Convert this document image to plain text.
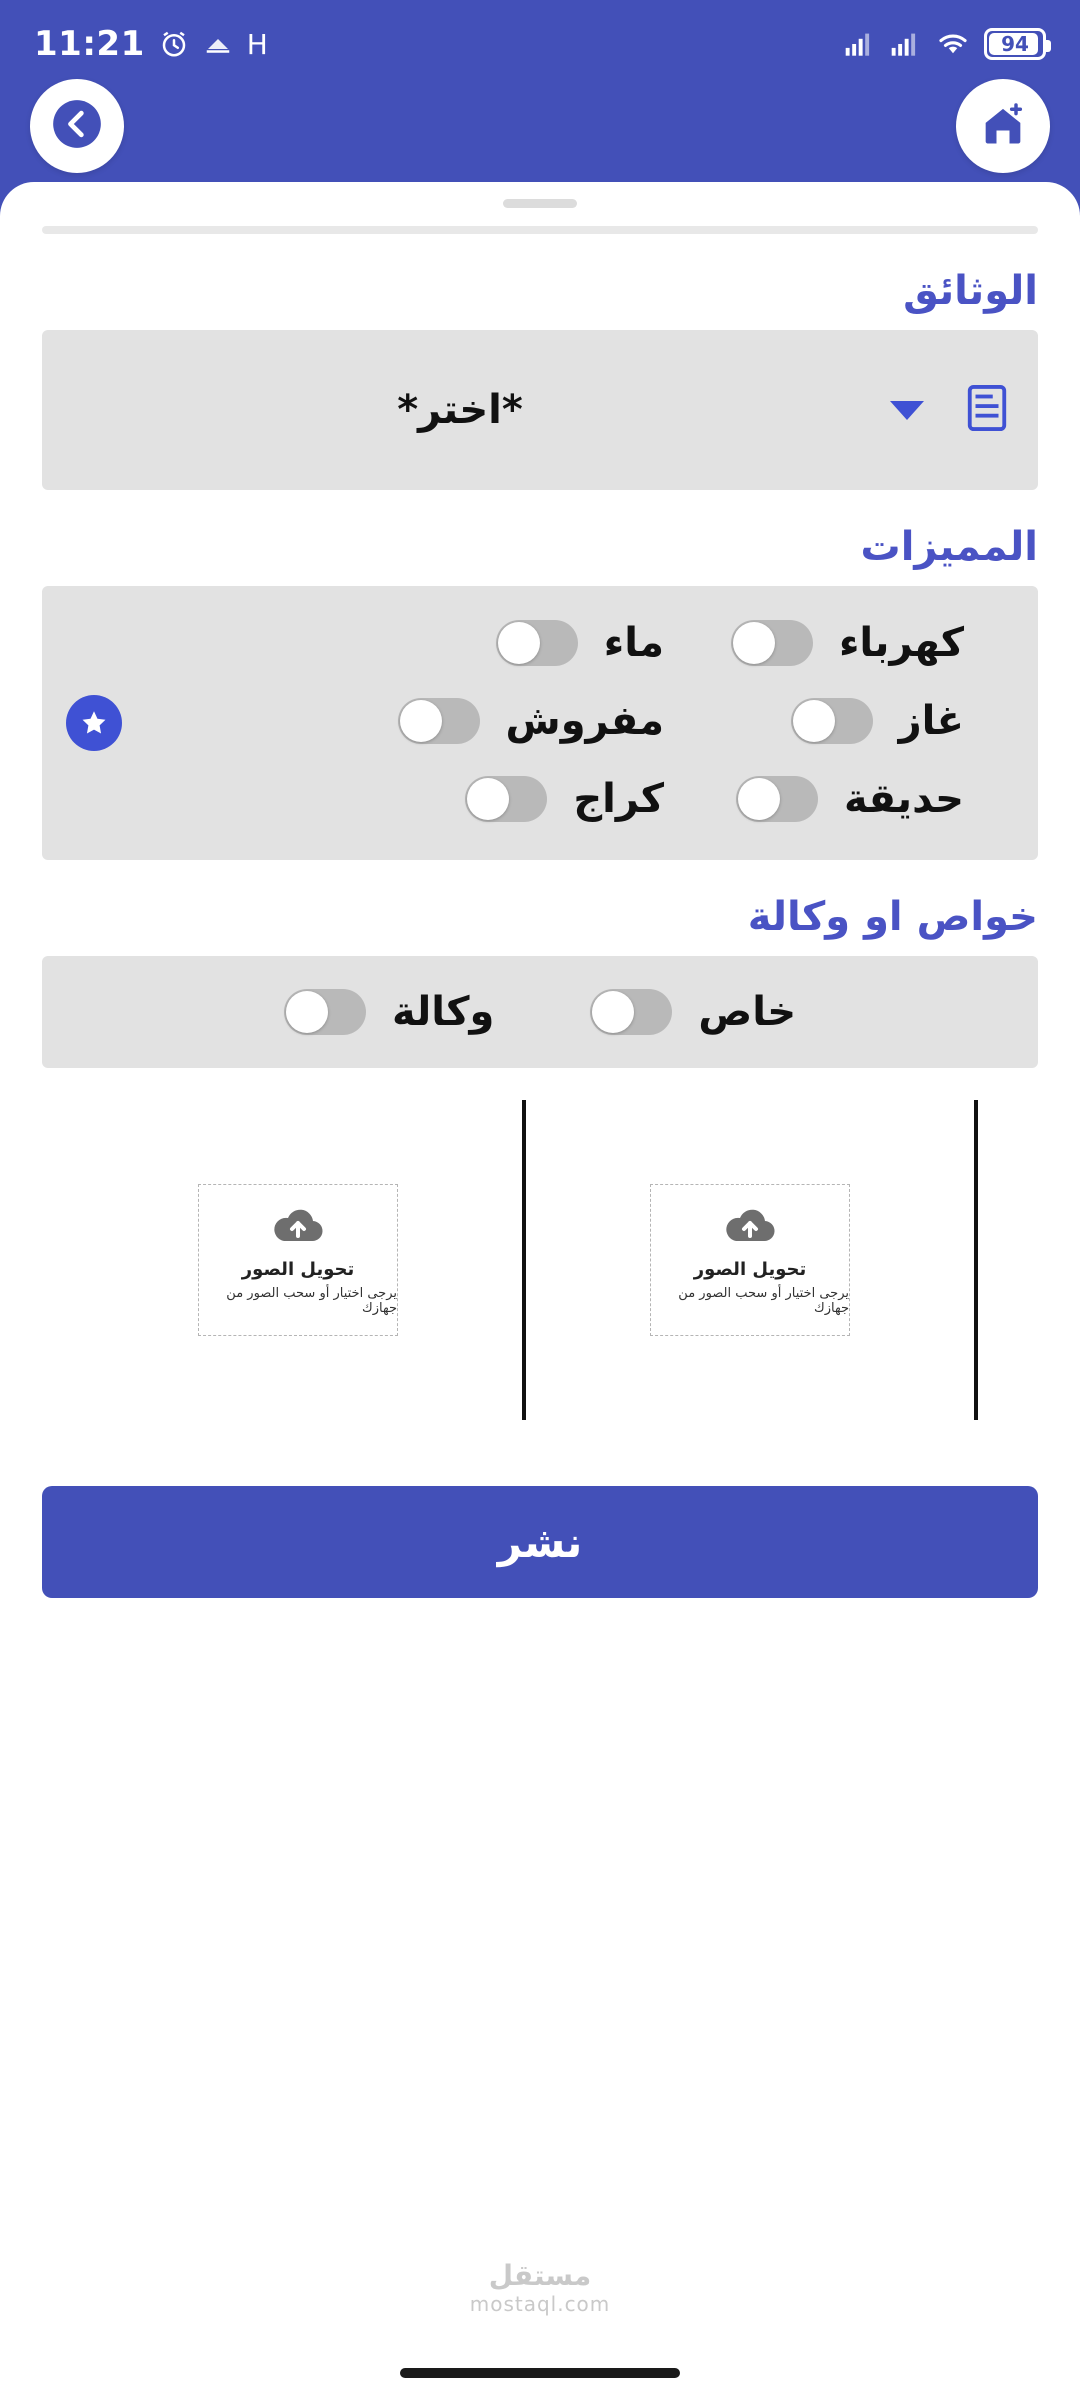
11:21	H	94
الوثائق
*اختر*
المميزات
كهرباء
ماء
غاز
مفروش
حديقة
كراج
خواص او وكالة
خاص
وكالة
تحويل الصور
يرجى اختيار أو سحب الصور من جهازك
تحويل الصور
يرجى اختيار أو سحب الصور من جهازك
نشر
مستقل
mostaql.com
